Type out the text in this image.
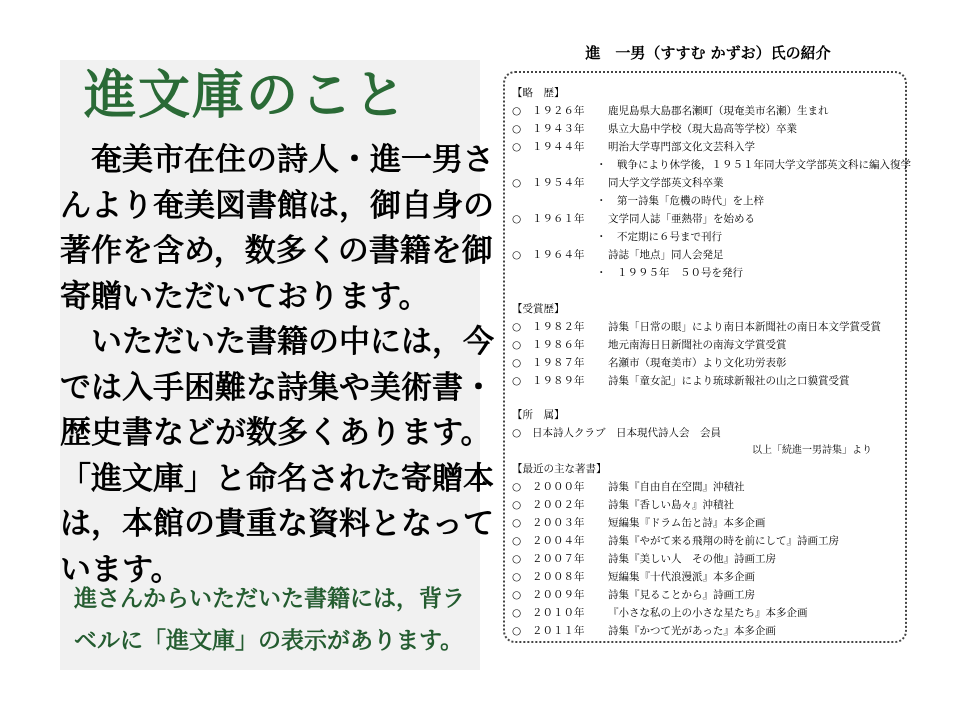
進文庫のこと
　奄美市在住の詩人・進一男さ
んより奄美図書館は，御自身の
著作を含め，数多くの書籍を御
寄贈いただいております。
　いただいた書籍の中には，今
では入手困難な詩集や美術書・
歴史書などが数多くあります。
「進文庫」と命名された寄贈本
は，本館の貴重な資料となって
います。
進さんからいただいた書籍には，背ラ
ベルに「進文庫」の表示があります。
進　一男（すすむ かずお）氏の紹介
【略　歴】
○ １９２６年 鹿児島県大島郡名瀬町（現奄美市名瀬）生まれ
○ １９４３年 県立大島中学校（現大島高等学校）卒業
○ １９４４年 明治大学専門部文化文芸科入学
・　 戦争により休学後，１９５１年同大学文学部英文科に編入復学
○ １９５４年 同大学文学部英文科卒業
・　 第一詩集「危機の時代」を上梓
○ １９６１年 文学同人誌「亜熱帯」を始める
・　 不定期に６号まで刊行
○ １９６４年 詩誌「地点」同人会発足
・　 １９９５年　５０号を発行
【受賞歴】
○ １９８２年 詩集「日常の眼」により南日本新聞社の南日本文学賞受賞
○ １９８６年 地元南海日日新聞社の南海文学賞受賞
○ １９８７年 名瀬市（現奄美市）より文化功労表彰
○ １９８９年 詩集「童女記」により琉球新報社の山之口貘賞受賞
【所　属】
○ 日本詩人クラブ　日本現代詩人会　会員
以上「続進一男詩集」より
【最近の主な著書】
○ ２０００年 詩集『自由自在空間』沖積社
○ ２００２年 詩集『香しい島々』沖積社
○ ２００３年 短編集『ドラム缶と詩』本多企画
○ ２００４年 詩集『やがて来る飛翔の時を前にして』詩画工房
○ ２００７年 詩集『美しい人　その他』詩画工房
○ ２００８年 短編集『十代浪漫派』本多企画
○ ２００９年 詩集『見ることから』詩画工房
○ ２０１０年 『小さな私の上の小さな星たち』本多企画
○ ２０１１年 詩集『かつて光があった』本多企画
